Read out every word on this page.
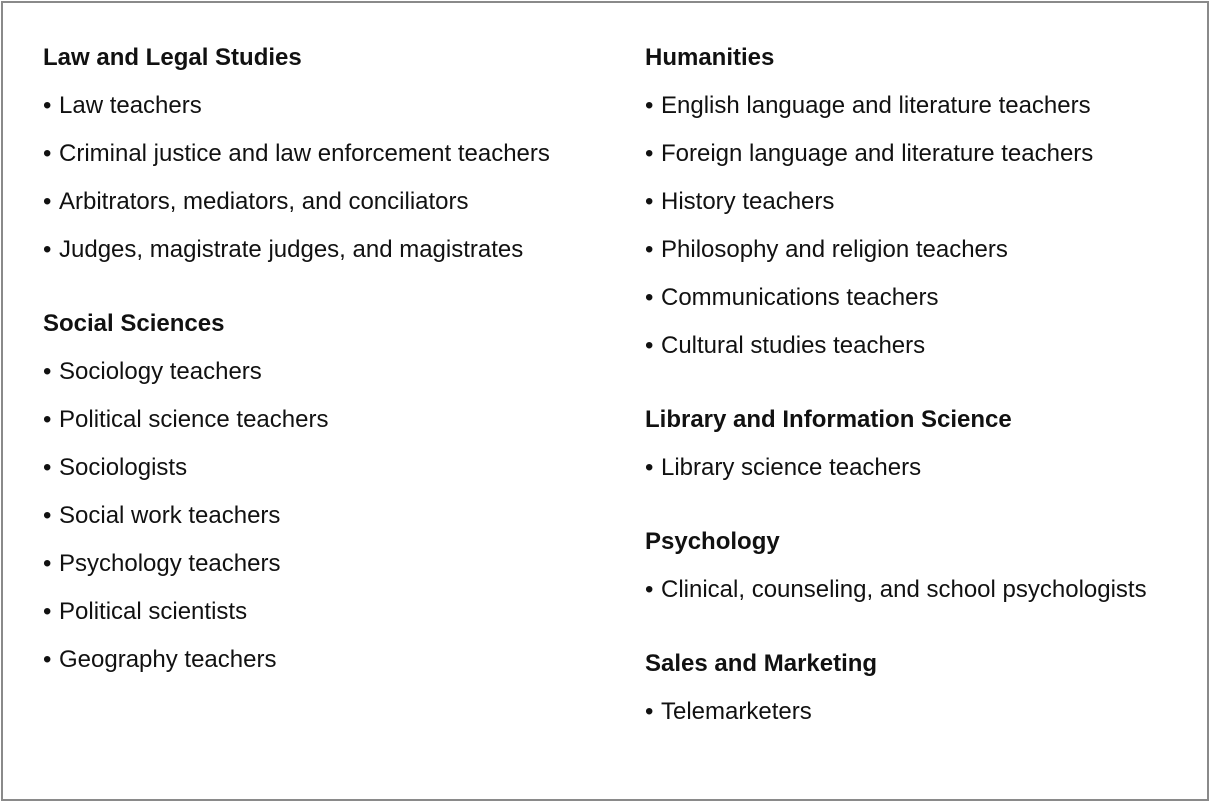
Law and Legal Studies
• Law teachers
• Criminal justice and law enforcement teachers
• Arbitrators, mediators, and conciliators
• Judges, magistrate judges, and magistrates
Social Sciences
• Sociology teachers
• Political science teachers
• Sociologists
• Social work teachers
• Psychology teachers
• Political scientists
• Geography teachers
Humanities
• English language and literature teachers
• Foreign language and literature teachers
• History teachers
• Philosophy and religion teachers
• Communications teachers
• Cultural studies teachers
Library and Information Science
• Library science teachers
Psychology
• Clinical, counseling, and school psychologists
Sales and Marketing
• Telemarketers
